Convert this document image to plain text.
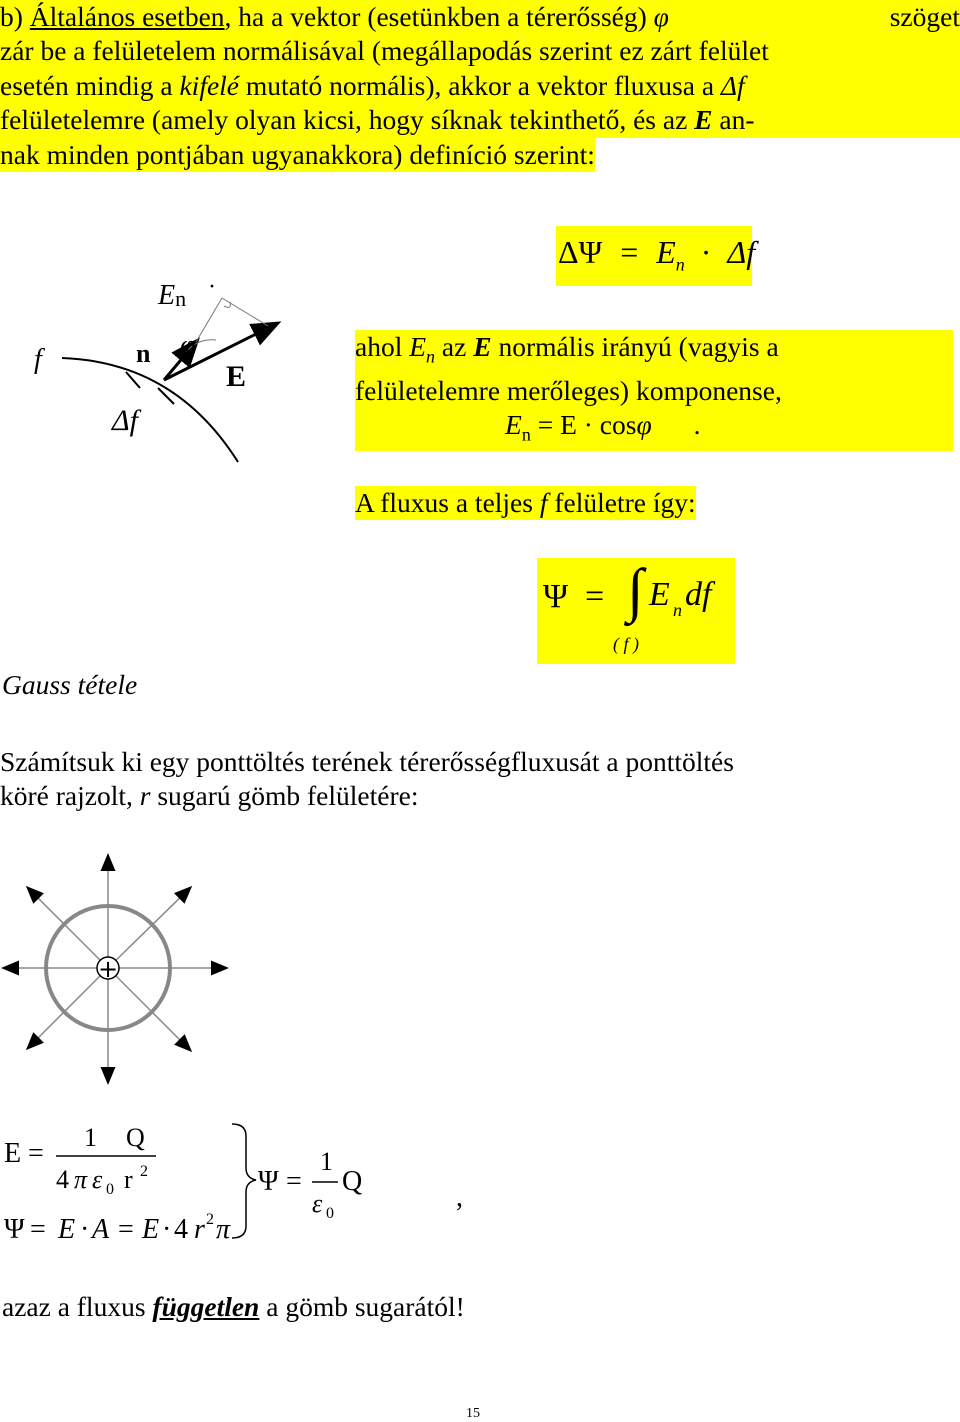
b) Általános esetben, ha a vektor (esetünkben a térerősség) φ	szöget
zár be a felületelem normálisával (megállapodás szerint ez zárt felület
esetén mindig a kifelé mutató normális), akkor a vektor fluxusa a Δf
felületelemre (amely olyan kicsi, hogy síknak tekinthető, és az E an-
nak minden pontjában ugyanakkora) definíció szerint:
f
En ·
n φ
E
Δf
$\Delta\Psi = E_n \cdot \Delta f$
ahol $E_n$ az E normális irányú (vagyis a
felületelemre merőleges) komponense,
$E_n = E \cdot \cos\varphi$ .
A fluxus a teljes f felületre így:
Ψ = ∫ E n df
( f )
Gauss tétele
Számítsuk ki egy ponttöltés terének térerősségfluxusát a ponttöltés
köré rajzolt, r sugarú gömb felületére:
+
E =
1 Q
4 π ε 0 r 2
Ψ = E · A = E · 4 r 2 π
Ψ =
1
ε 0
Q
,
azaz a fluxus független a gömb sugarától!
15
